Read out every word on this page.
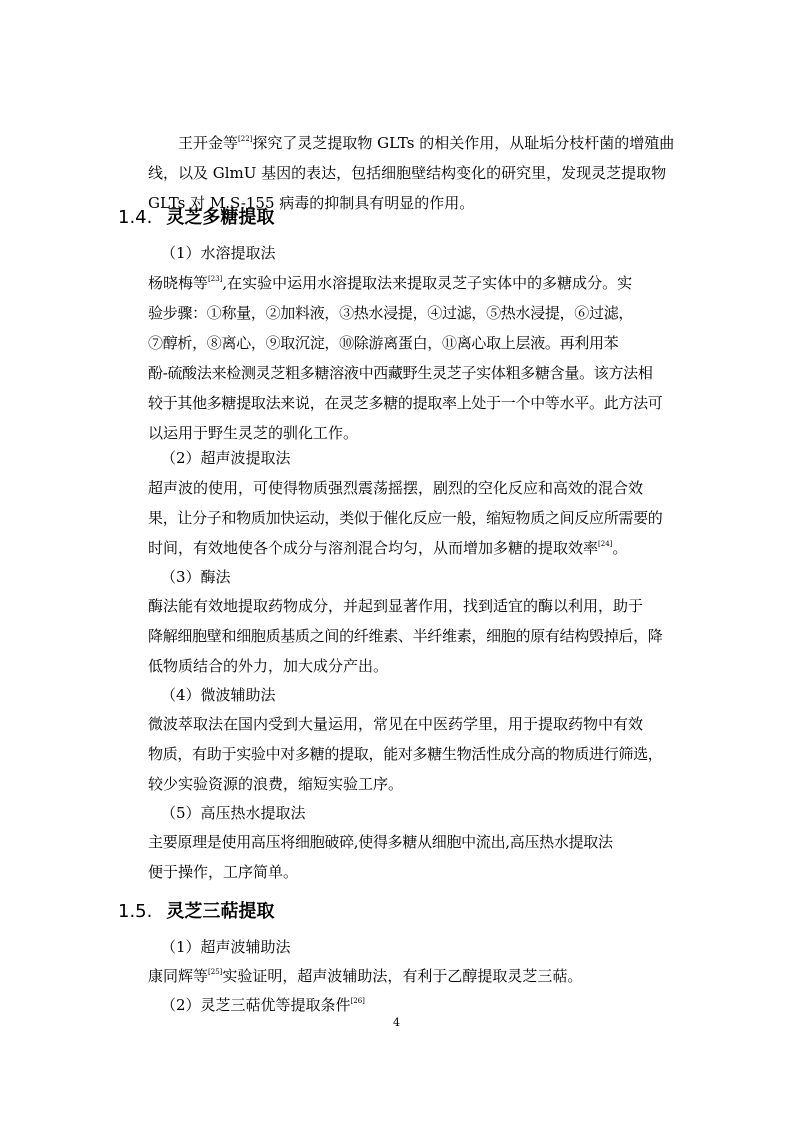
王开金等[22]探究了灵芝提取物 GLTs 的相关作用，从耻垢分枝杆菌的增殖曲
线，以及 GlmU 基因的表达，包括细胞壁结构变化的研究里，发现灵芝提取物
GLTs 对 M.S-155 病毒的抑制具有明显的作用。
1.4. 灵芝多糖提取
（1）水溶提取法
杨晓梅等[23],在实验中运用水溶提取法来提取灵芝子实体中的多糖成分。实
验步骤：①称量，②加料液，③热水浸提，④过滤，⑤热水浸提，⑥过滤，
⑦醇析，⑧离心，⑨取沉淀，⑩除游离蛋白，⑪离心取上层液。再利用苯
酚-硫酸法来检测灵芝粗多糖溶液中西藏野生灵芝子实体粗多糖含量。该方法相
较于其他多糖提取法来说，在灵芝多糖的提取率上处于一个中等水平。此方法可
以运用于野生灵芝的驯化工作。
（2）超声波提取法
超声波的使用，可使得物质强烈震荡摇摆，剧烈的空化反应和高效的混合效
果，让分子和物质加快运动，类似于催化反应一般，缩短物质之间反应所需要的
时间，有效地使各个成分与溶剂混合均匀，从而增加多糖的提取效率[24]。
（3）酶法
酶法能有效地提取药物成分，并起到显著作用，找到适宜的酶以利用，助于
降解细胞壁和细胞质基质之间的纤维素、半纤维素，细胞的原有结构毁掉后，降
低物质结合的外力，加大成分产出。
（4）微波辅助法
微波萃取法在国内受到大量运用，常见在中医药学里，用于提取药物中有效
物质，有助于实验中对多糖的提取，能对多糖生物活性成分高的物质进行筛选，
较少实验资源的浪费，缩短实验工序。
（5）高压热水提取法
主要原理是使用高压将细胞破碎,使得多糖从细胞中流出,高压热水提取法
便于操作，工序简单。
1.5. 灵芝三萜提取
（1）超声波辅助法
康同辉等[25]实验证明，超声波辅助法，有利于乙醇提取灵芝三萜。
（2）灵芝三萜优等提取条件[26]
4
